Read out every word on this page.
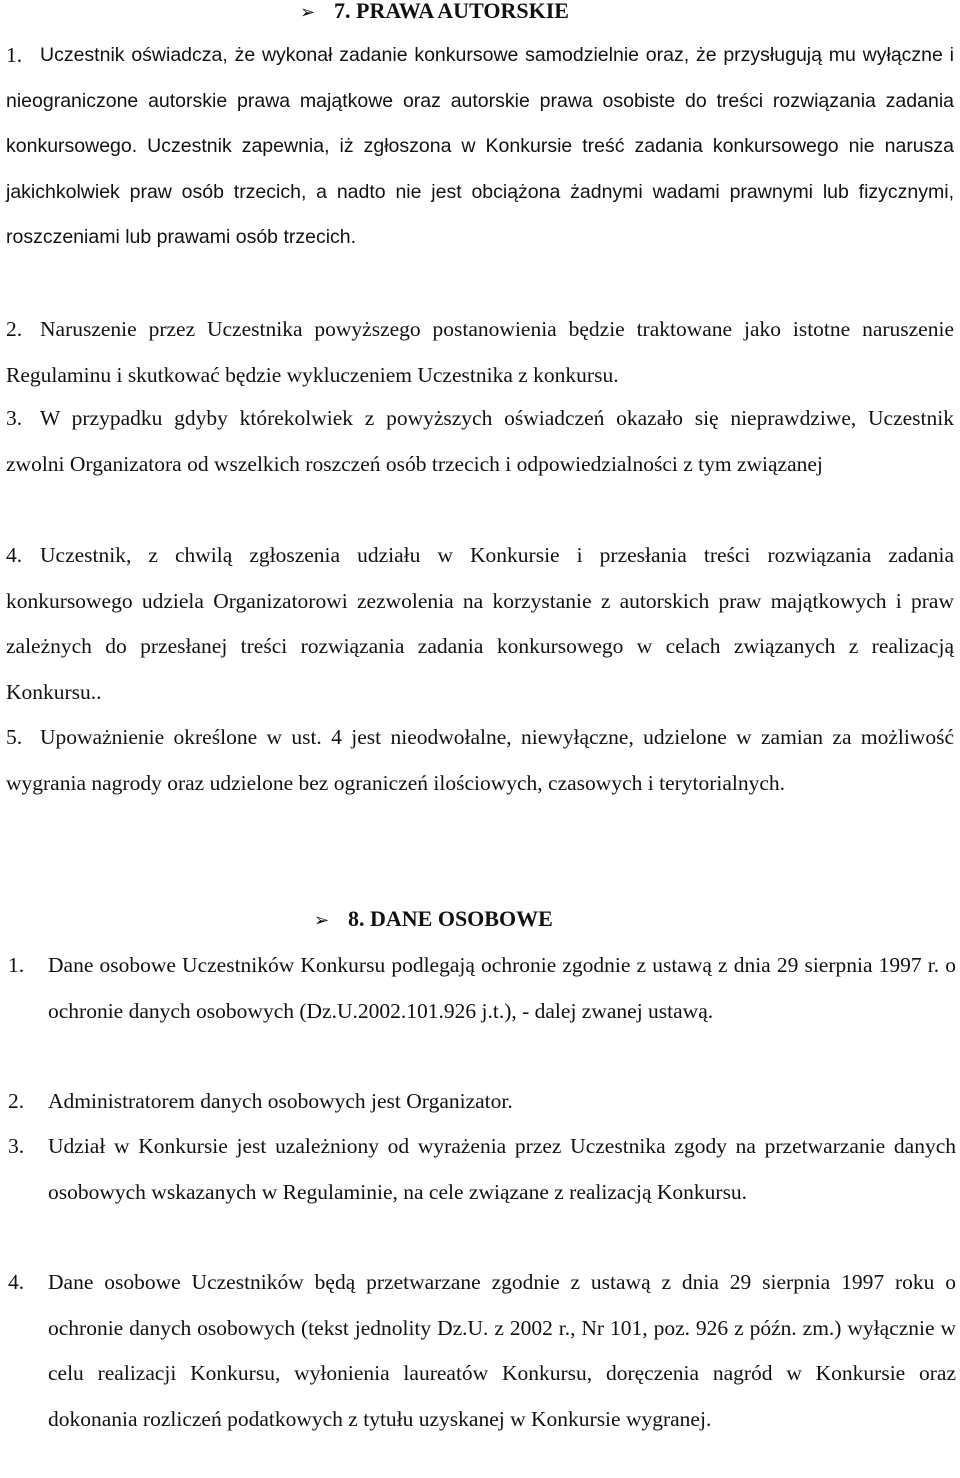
➢7. PRAWA AUTORSKIE
1. Uczestnik oświadcza, że wykonał zadanie konkursowe samodzielnie oraz, że przysługują mu wyłączne i nieograniczone autorskie prawa majątkowe oraz autorskie prawa osobiste do treści rozwiązania zadania konkursowego. Uczestnik zapewnia, iż zgłoszona w Konkursie treść zadania konkursowego nie narusza jakichkolwiek praw osób trzecich, a nadto nie jest obciążona żadnymi wadami prawnymi lub fizycznymi, roszczeniami lub prawami osób trzecich.
2. Naruszenie przez Uczestnika powyższego postanowienia będzie traktowane jako istotne naruszenie Regulaminu i skutkować będzie wykluczeniem Uczestnika z konkursu.
3. W przypadku gdyby którekolwiek z powyższych oświadczeń okazało się nieprawdziwe, Uczestnik zwolni Organizatora od wszelkich roszczeń osób trzecich i odpowiedzialności z tym związanej
4. Uczestnik, z chwilą zgłoszenia udziału w Konkursie i przesłania treści rozwiązania zadania konkursowego udziela Organizatorowi zezwolenia na korzystanie z autorskich praw majątkowych i praw zależnych do przesłanej treści rozwiązania zadania konkursowego w celach związanych z realizacją Konkursu..
5. Upoważnienie określone w ust. 4 jest nieodwołalne, niewyłączne, udzielone w zamian za możliwość wygrania nagrody oraz udzielone bez ograniczeń ilościowych, czasowych i terytorialnych.
➢8. DANE OSOBOWE
1. Dane osobowe Uczestników Konkursu podlegają ochronie zgodnie z ustawą z dnia 29 sierpnia 1997 r. o ochronie danych osobowych (Dz.U.2002.101.926 j.t.), - dalej zwanej ustawą.
2. Administratorem danych osobowych jest Organizator.
3. Udział w Konkursie jest uzależniony od wyrażenia przez Uczestnika zgody na przetwarzanie danych osobowych wskazanych w Regulaminie, na cele związane z realizacją Konkursu.
4. Dane osobowe Uczestników będą przetwarzane zgodnie z ustawą z dnia 29 sierpnia 1997 roku o ochronie danych osobowych (tekst jednolity Dz.U. z 2002 r., Nr 101, poz. 926 z późn. zm.) wyłącznie w celu realizacji Konkursu, wyłonienia laureatów Konkursu, doręczenia nagród w Konkursie oraz dokonania rozliczeń podatkowych z tytułu uzyskanej w Konkursie wygranej.
